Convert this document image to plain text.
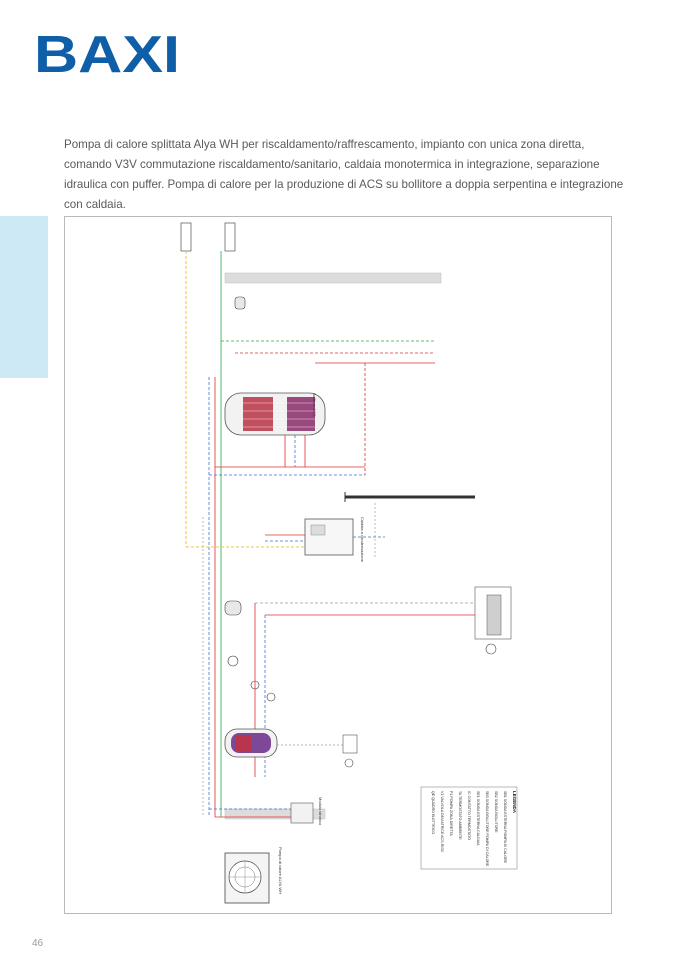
BAXI
Pompa di calore splittata Alya WH per riscaldamento/raffrescamento, impianto con unica zona diretta, comando V3V commutazione riscaldamento/sanitario, caldaia monotermica in integrazione, separazione idraulica con puffer. Pompa di calore per la produzione di ACS su bollitore a doppia serpentina e integrazione con caldaia.
Bollitore ACS
Caldaia a condensazione
Pompa di calore ALYA WH
Modulo idronico	LEGENDA
SB1 SONDA ESTERNA POMPA DI CALORE
SB2 SONDA BOLLITORE
SB3 SONDA BOLLITORE POMPA DI CALORE
SE1 SONDA ESTERNA CALDAIA
IC CONTATTO TERMOSTATO
TA TERMOSTATO AMBIENTE
P1 POMPA ZONA DIRETTA
V1 VALVOLA DEVIATRICE ACS-RISC
QE QUADRO ELETTRICO
46
